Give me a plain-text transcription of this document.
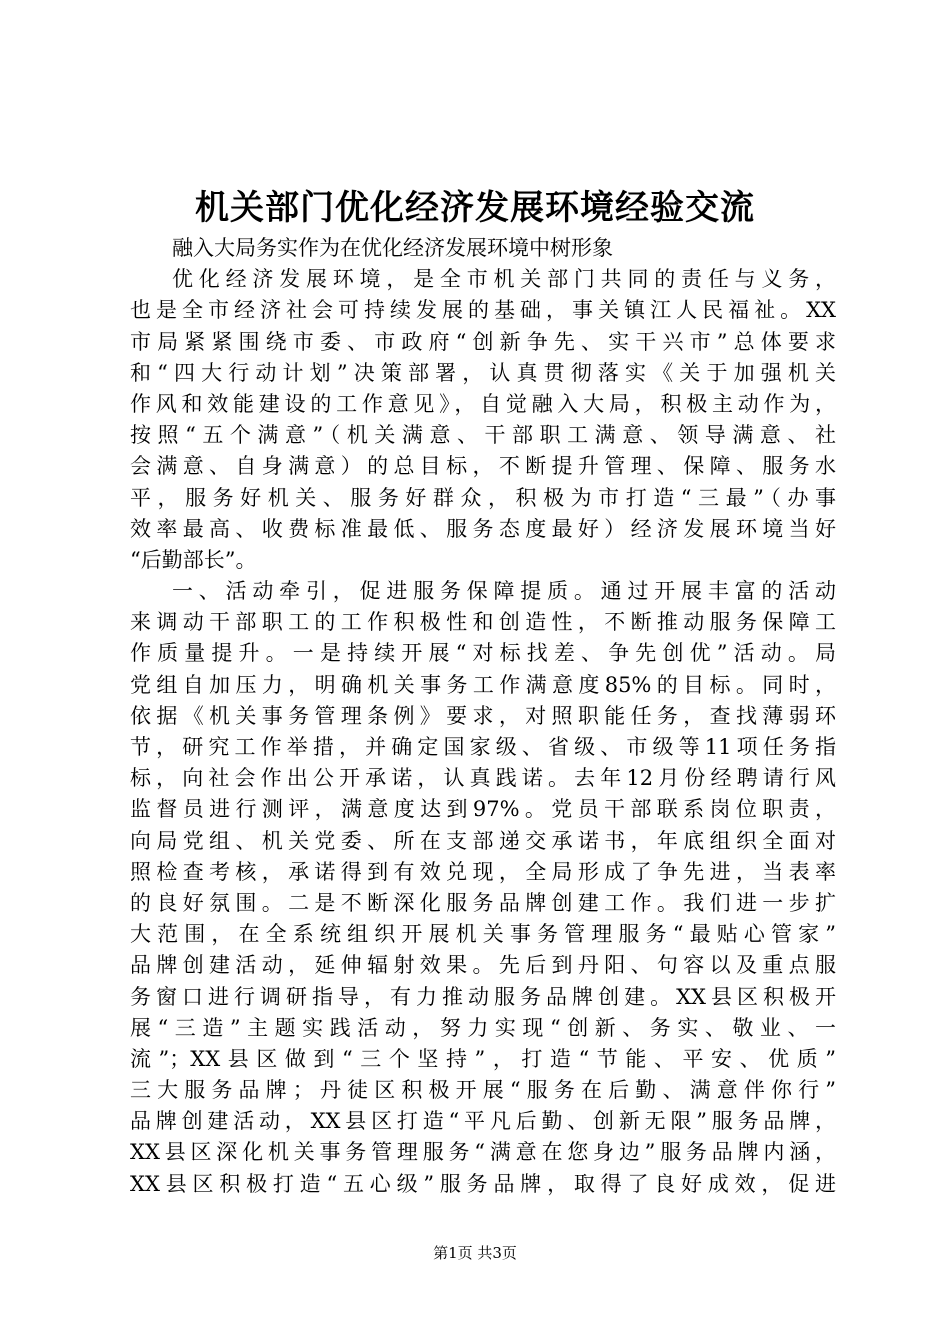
机关部门优化经济发展环境经验交流
融入大局务实作为在优化经济发展环境中树形象
优化经济发展环境，是全市机关部门共同的责任与义务，
也是全市经济社会可持续发展的基础，事关镇江人民福祉。XX
市局紧紧围绕市委、市政府“创新争先、实干兴市”总体要求
和“四大行动计划”决策部署，认真贯彻落实《关于加强机关
作风和效能建设的工作意见》，自觉融入大局，积极主动作为，
按照“五个满意”（机关满意、干部职工满意、领导满意、社
会满意、自身满意）的总目标，不断提升管理、保障、服务水
平，服务好机关、服务好群众，积极为市打造“三最”（办事
效率最高、收费标准最低、服务态度最好）经济发展环境当好
“后勤部长”。
一、活动牵引，促进服务保障提质。通过开展丰富的活动
来调动干部职工的工作积极性和创造性，不断推动服务保障工
作质量提升。一是持续开展“对标找差、争先创优”活动。局
党组自加压力，明确机关事务工作满意度85%的目标。同时，
依据《机关事务管理条例》要求，对照职能任务，查找薄弱环
节，研究工作举措，并确定国家级、省级、市级等11项任务指
标，向社会作出公开承诺，认真践诺。去年12月份经聘请行风
监督员进行测评，满意度达到97%。党员干部联系岗位职责，
向局党组、机关党委、所在支部递交承诺书，年底组织全面对
照检查考核，承诺得到有效兑现，全局形成了争先进，当表率
的良好氛围。二是不断深化服务品牌创建工作。我们进一步扩
大范围，在全系统组织开展机关事务管理服务“最贴心管家”
品牌创建活动，延伸辐射效果。先后到丹阳、句容以及重点服
务窗口进行调研指导，有力推动服务品牌创建。XX县区积极开
展“三造”主题实践活动，努力实现“创新、务实、敬业、一
流”；XX县区做到“三个坚持”，打造“节能、平安、优质”
三大服务品牌；丹徒区积极开展“服务在后勤、满意伴你行”
品牌创建活动，XX县区打造“平凡后勤、创新无限”服务品牌，
XX县区深化机关事务管理服务“满意在您身边”服务品牌内涵，
XX县区积极打造“五心级”服务品牌，取得了良好成效，促进
第1页 共3页
